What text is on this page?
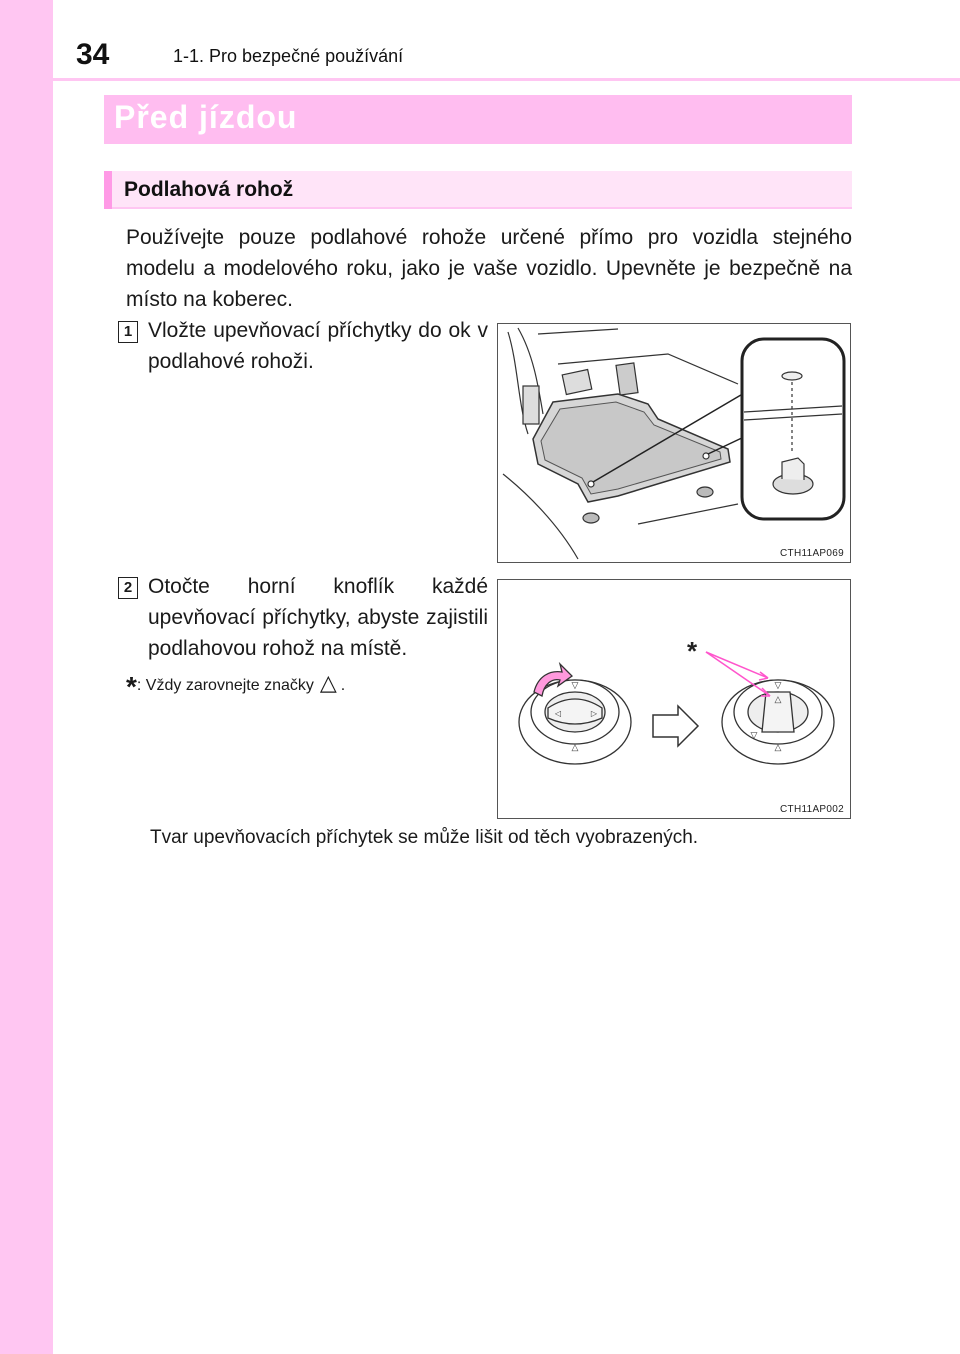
34	1-1. Pro bezpečné používání
Před jízdou
Podlahová rohož
Používejte pouze podlahové rohože určené přímo pro vozidla stejného modelu a modelového roku, jako je vaše vozidlo. Upevněte je bezpečně na místo na koberec.
1 Vložte upevňovací příchytky do ok v podlahové rohoži.
CTH11AP069
2 Otočte horní knoflík každé upevňovací příchytky, abyste zajistili podlahovou rohož na místě.
*: Vždy zarovnejte značky △ .	▽
△
◁	▷
▽
△
△
▽
*
CTH11AP002
Tvar upevňovacích příchytek se může lišit od těch vyobrazených.
